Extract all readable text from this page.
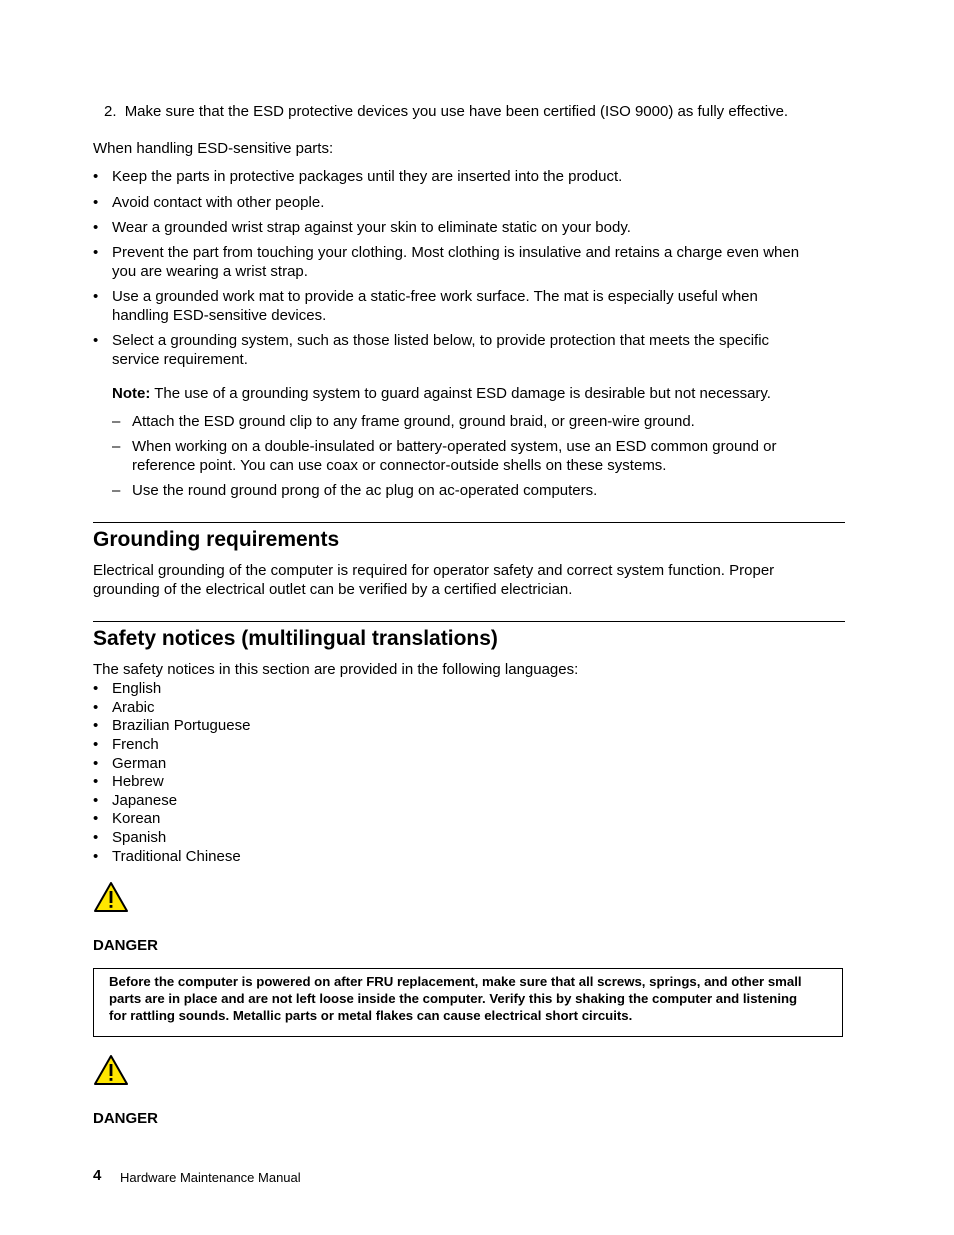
2. Make sure that the ESD protective devices you use have been certified (ISO 9000) as fully effective.
When handling ESD-sensitive parts:
• Keep the parts in protective packages until they are inserted into the product.
• Avoid contact with other people.
• Wear a grounded wrist strap against your skin to eliminate static on your body.
• Prevent the part from touching your clothing. Most clothing is insulative and retains a charge even when
you are wearing a wrist strap.
• Use a grounded work mat to provide a static-free work surface. The mat is especially useful when
handling ESD-sensitive devices.
• Select a grounding system, such as those listed below, to provide protection that meets the specific
service requirement.
Note: The use of a grounding system to guard against ESD damage is desirable but not necessary.
– Attach the ESD ground clip to any frame ground, ground braid, or green-wire ground.
– When working on a double-insulated or battery-operated system, use an ESD common ground or
reference point. You can use coax or connector-outside shells on these systems.
– Use the round ground prong of the ac plug on ac-operated computers.
Grounding requirements
Electrical grounding of the computer is required for operator safety and correct system function. Proper
grounding of the electrical outlet can be verified by a certified electrician.
Safety notices (multilingual translations)
The safety notices in this section are provided in the following languages:
• English
• Arabic
• Brazilian Portuguese
• French
• German
• Hebrew
• Japanese
• Korean
• Spanish
• Traditional Chinese
DANGER
Before the computer is powered on after FRU replacement, make sure that all screws, springs, and other small
parts are in place and are not left loose inside the computer. Verify this by shaking the computer and listening
for rattling sounds. Metallic parts or metal flakes can cause electrical short circuits.
DANGER
4 Hardware Maintenance Manual
